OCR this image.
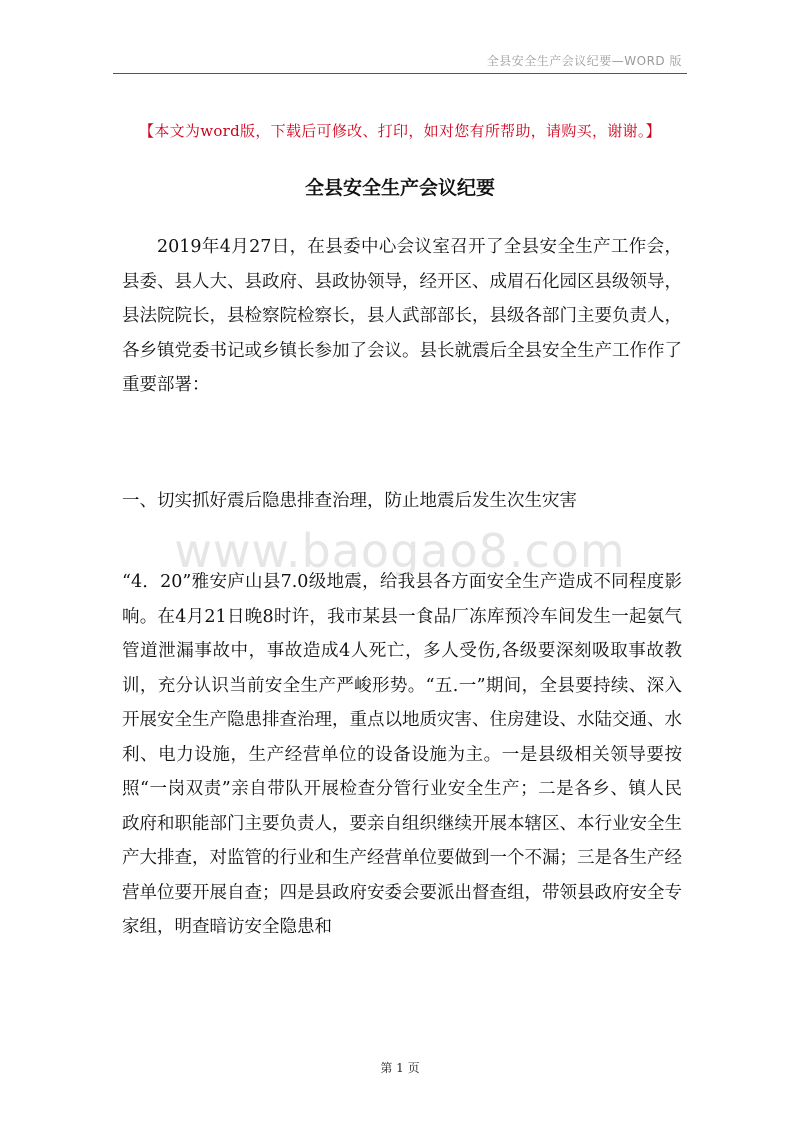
全县安全生产会议纪要—WORD 版
【本文为word版，下载后可修改、打印，如对您有所帮助，请购买，谢谢。】
全县安全生产会议纪要
2019年4月27日，在县委中心会议室召开了全县安全生产工作会，县委、县人大、县政府、县政协领导，经开区、成眉石化园区县级领导，县法院院长，县检察院检察长，县人武部部长，县级各部门主要负责人，各乡镇党委书记或乡镇长参加了会议。县长就震后全县安全生产工作作了重要部署：
一、切实抓好震后隐患排查治理，防止地震后发生次生灾害
www.baogao8.com
“4．20”雅安庐山县7.0级地震，给我县各方面安全生产造成不同程度影响。在4月21日晚8时许，我市某县一食品厂冻库预冷车间发生一起氨气管道泄漏事故中，事故造成4人死亡，多人受伤,各级要深刻吸取事故教训，充分认识当前安全生产严峻形势。“五.一”期间，全县要持续、深入开展安全生产隐患排查治理，重点以地质灾害、住房建设、水陆交通、水利、电力设施，生产经营单位的设备设施为主。一是县级相关领导要按照“一岗双责”亲自带队开展检查分管行业安全生产；二是各乡、镇人民政府和职能部门主要负责人，要亲自组织继续开展本辖区、本行业安全生产大排查，对监管的行业和生产经营单位要做到一个不漏；三是各生产经营单位要开展自查；四是县政府安委会要派出督查组，带领县政府安全专家组，明查暗访安全隐患和
第 1 页
